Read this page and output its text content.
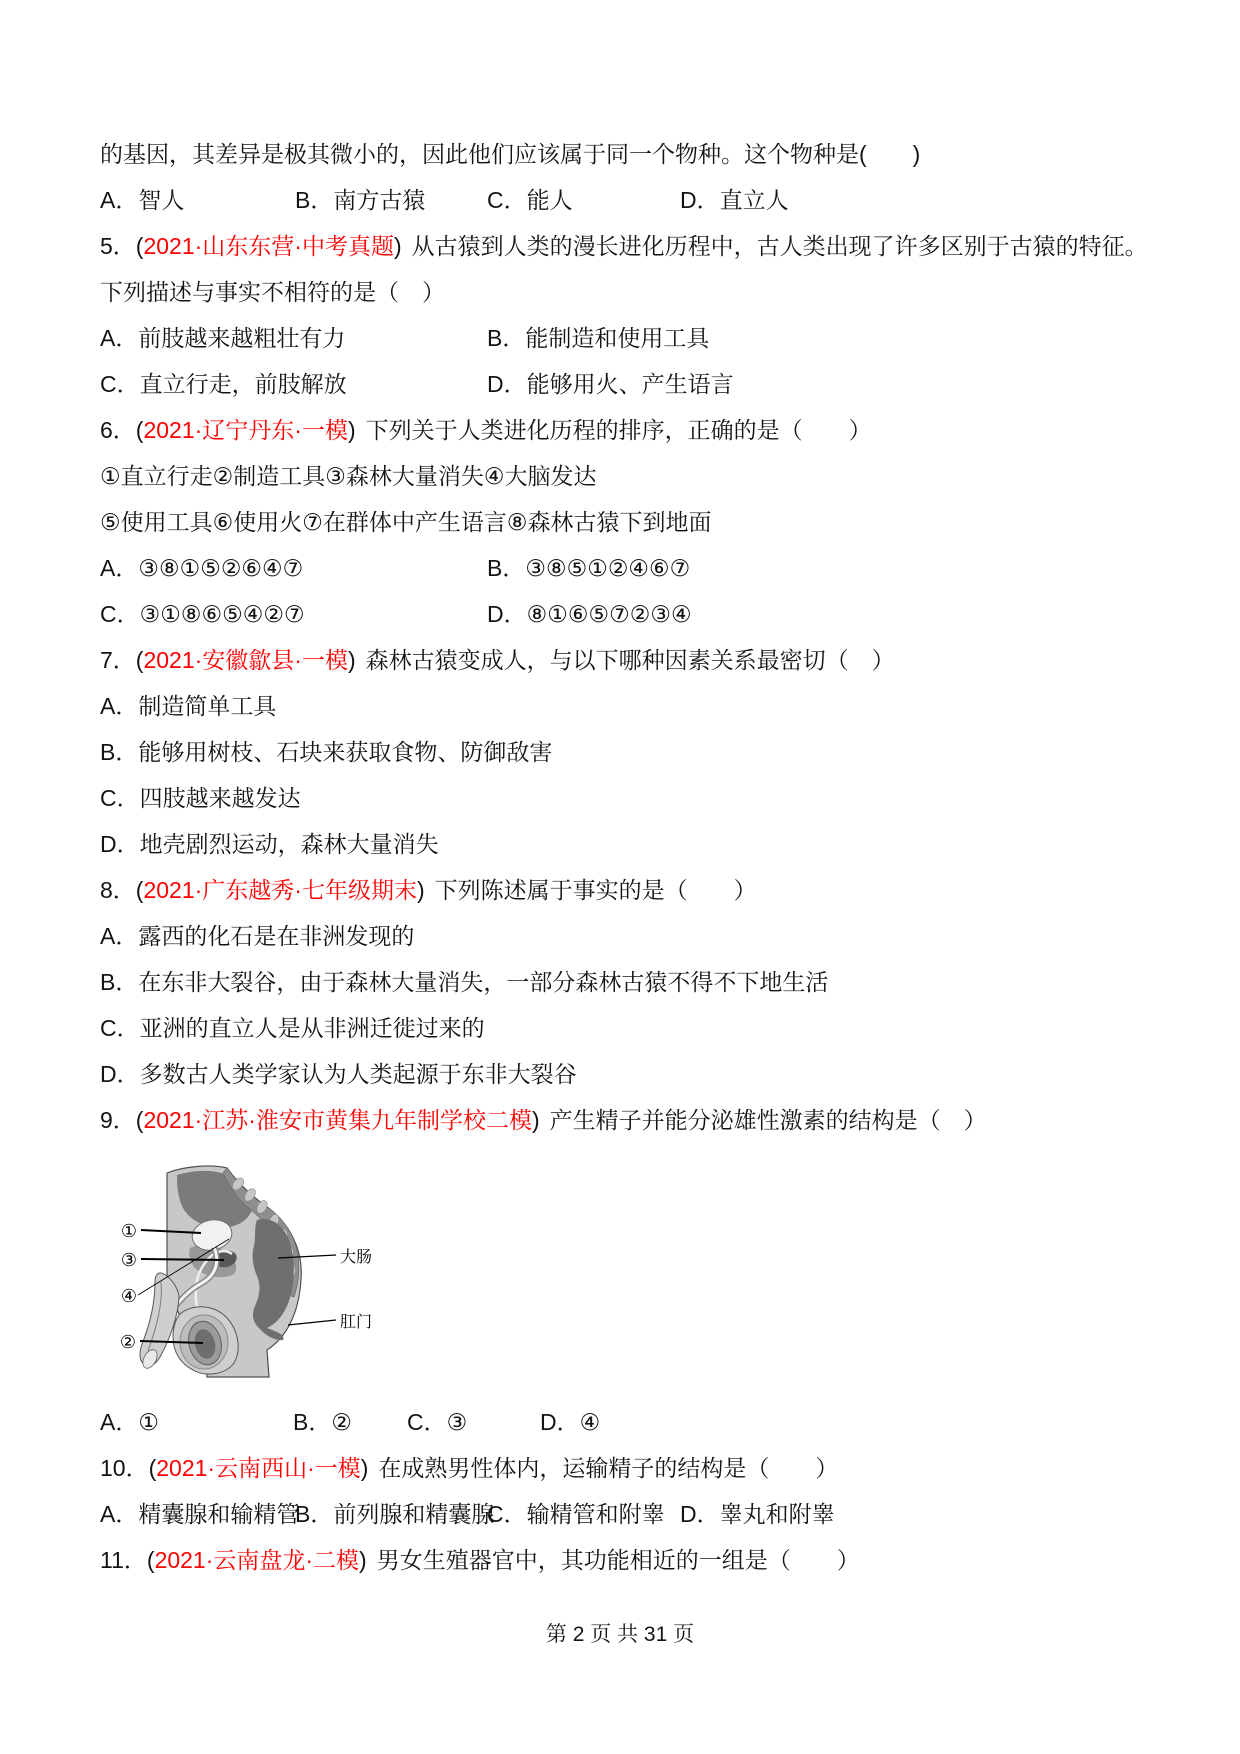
的基因，其差异是极其微小的，因此他们应该属于同一个物种。这个物种是(　　)
A．智人	B．南方古猿	C．能人	D．直立人
5．(2021·山东东营·中考真题) 从古猿到人类的漫长进化历程中，古人类出现了许多区别于古猿的特征。
下列描述与事实不相符的是（　）
A．前肢越来越粗壮有力	B．能制造和使用工具
C．直立行走，前肢解放	D．能够用火、产生语言
6．(2021·辽宁丹东·一模) 下列关于人类进化历程的排序，正确的是（　　）
①直立行走②制造工具③森林大量消失④大脑发达
⑤使用工具⑥使用火⑦在群体中产生语言⑧森林古猿下到地面
A．③⑧①⑤②⑥④⑦	B．③⑧⑤①②④⑥⑦
C．③①⑧⑥⑤④②⑦	D．⑧①⑥⑤⑦②③④
7．(2021·安徽歙县·一模) 森林古猿变成人，与以下哪种因素关系最密切（　）
A．制造简单工具
B．能够用树枝、石块来获取食物、防御敌害
C．四肢越来越发达
D．地壳剧烈运动，森林大量消失
8．(2021·广东越秀·七年级期末) 下列陈述属于事实的是（　　）
A．露西的化石是在非洲发现的
B．在东非大裂谷，由于森林大量消失，一部分森林古猿不得不下地生活
C．亚洲的直立人是从非洲迁徙过来的
D．多数古人类学家认为人类起源于东非大裂谷
9．(2021·江苏·淮安市黄集九年制学校二模) 产生精子并能分泌雄性激素的结构是（　）
①
③
④
②
大肠
肛门
A．①	B．②	C．③	D．④
10．(2021·云南西山·一模) 在成熟男性体内，运输精子的结构是（　　）
A．精囊腺和输精管
B．前列腺和精囊腺
C．输精管和附睾 D．睾丸和附睾
11．(2021·云南盘龙·二模) 男女生殖器官中，其功能相近的一组是（　　）
第 2 页 共 31 页
